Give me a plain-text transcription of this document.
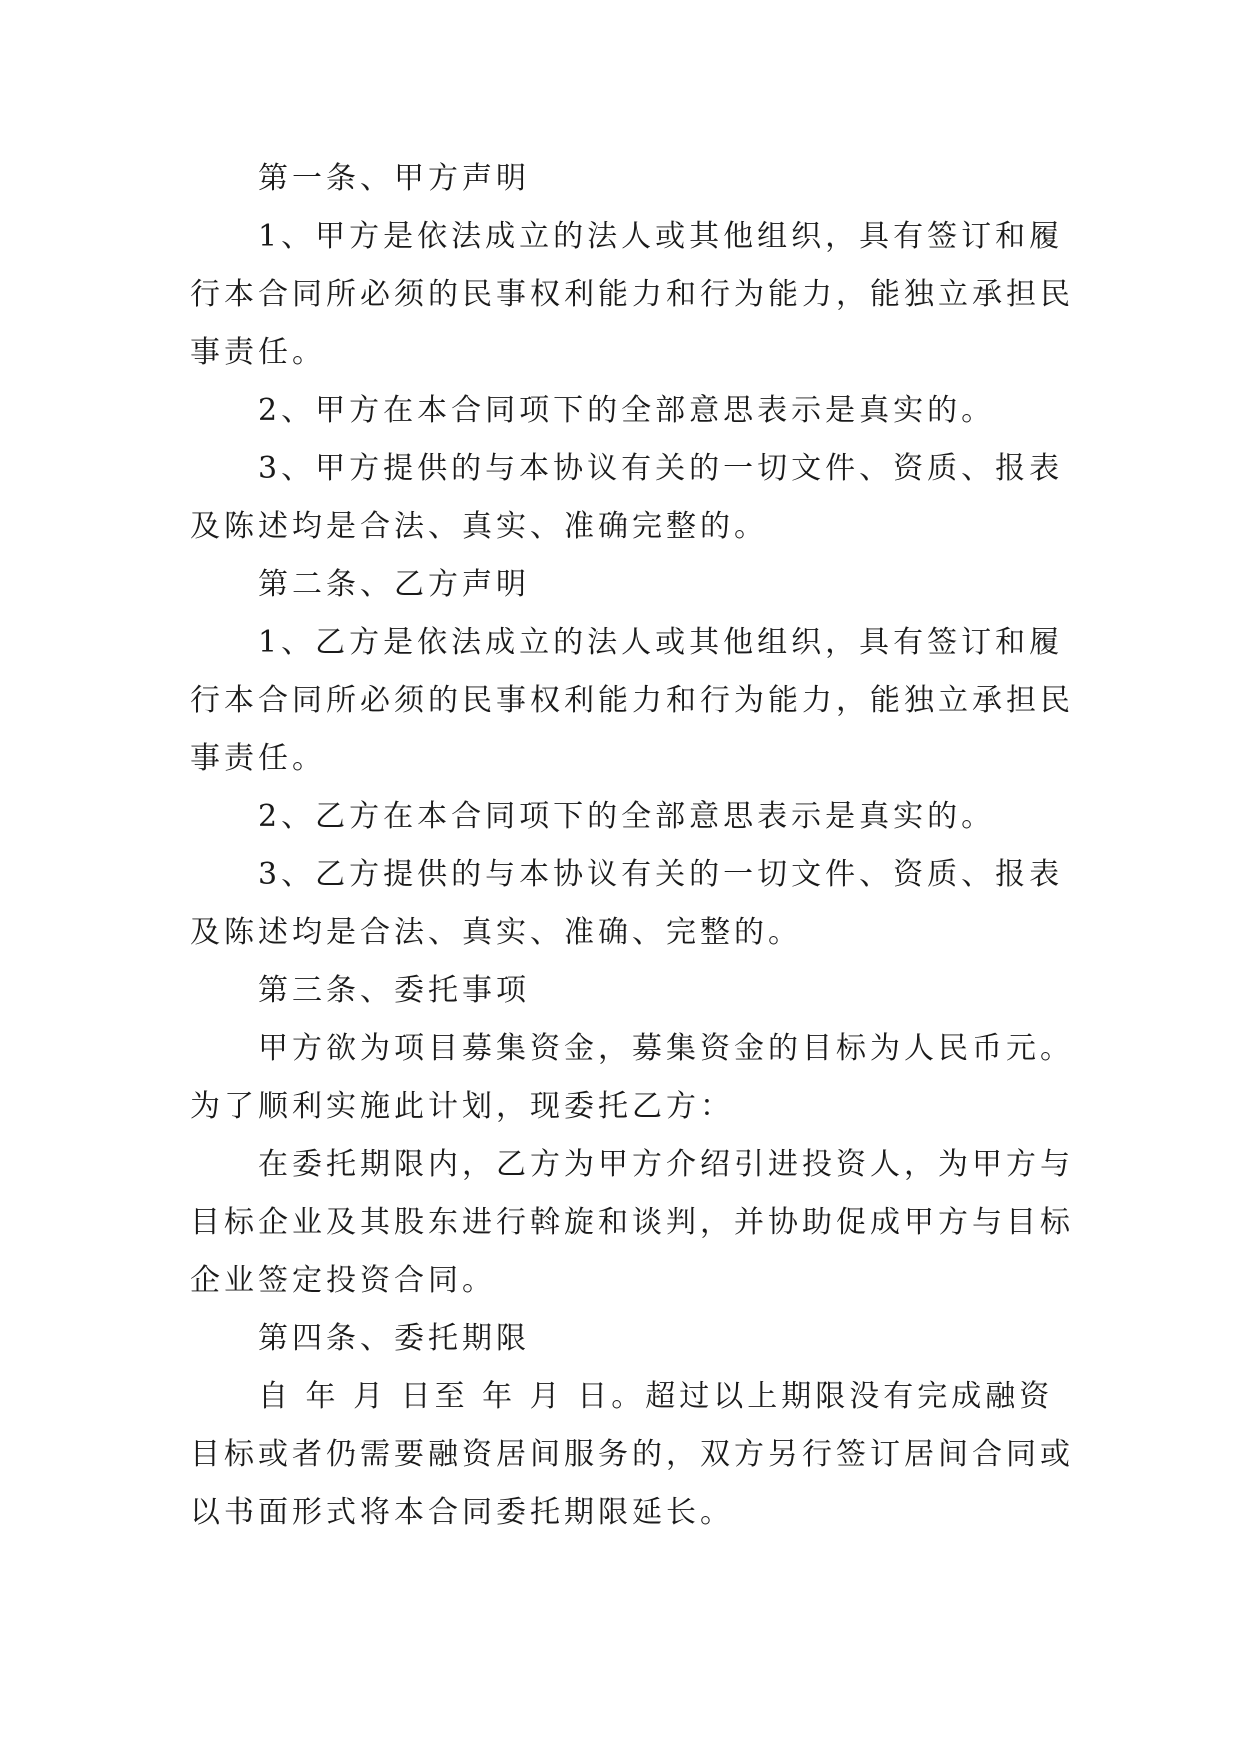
第一条、甲方声明
1、甲方是依法成立的法人或其他组织，具有签订和履
行本合同所必须的民事权利能力和行为能力，能独立承担民
事责任。
2、甲方在本合同项下的全部意思表示是真实的。
3、甲方提供的与本协议有关的一切文件、资质、报表
及陈述均是合法、真实、准确完整的。
第二条、乙方声明
1、乙方是依法成立的法人或其他组织，具有签订和履
行本合同所必须的民事权利能力和行为能力，能独立承担民
事责任。
2、乙方在本合同项下的全部意思表示是真实的。
3、乙方提供的与本协议有关的一切文件、资质、报表
及陈述均是合法、真实、准确、完整的。
第三条、委托事项
甲方欲为项目募集资金，募集资金的目标为人民币元。
为了顺利实施此计划，现委托乙方：
在委托期限内，乙方为甲方介绍引进投资人，为甲方与
目标企业及其股东进行斡旋和谈判，并协助促成甲方与目标
企业签定投资合同。
第四条、委托期限
自 年 月 日至 年 月 日。超过以上期限没有完成融资
目标或者仍需要融资居间服务的，双方另行签订居间合同或
以书面形式将本合同委托期限延长。
